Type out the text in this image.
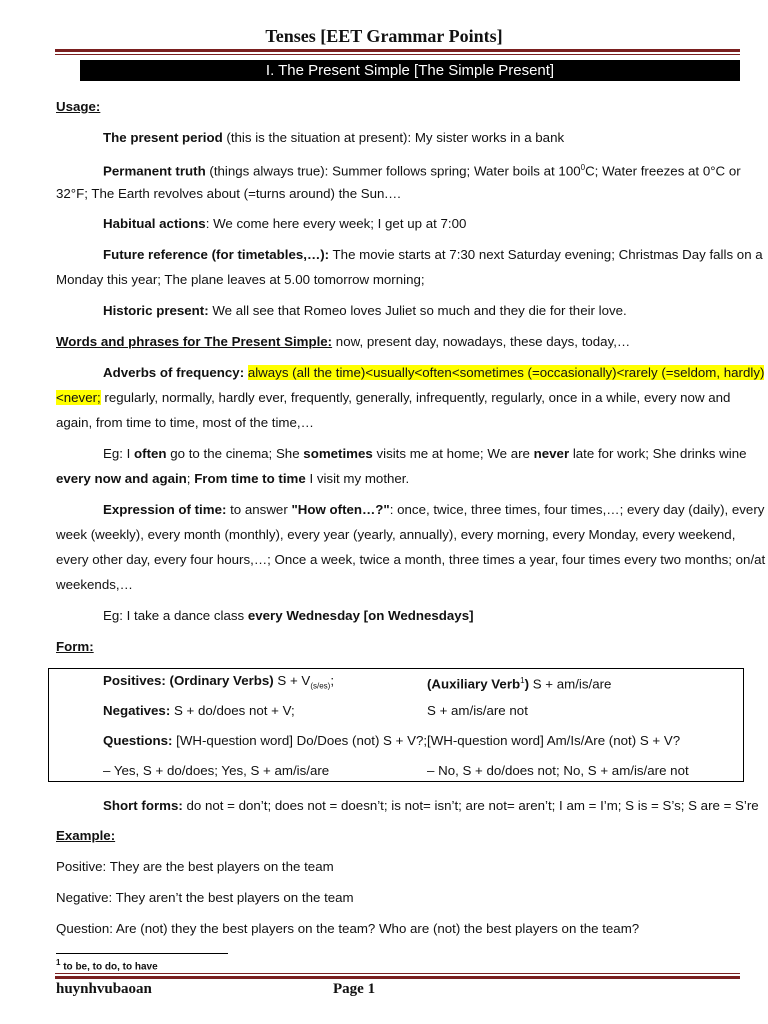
Tenses [EET Grammar Points]
I. The Present Simple [The Simple Present]
Usage:
The present period (this is the situation at present): My sister works in a bank
Permanent truth (things always true): Summer follows spring; Water boils at $100^0C$; Water freezes at 0°C or
32°F; The Earth revolves about (=turns around) the Sun.…
Habitual actions: We come here every week; I get up at 7:00
Future reference (for timetables,…): The movie starts at 7:30 next Saturday evening; Christmas Day falls on a
Monday this year; The plane leaves at 5.00 tomorrow morning;
Historic present: We all see that Romeo loves Juliet so much and they die for their love.
Words and phrases for The Present Simple: now, present day, nowadays, these days, today,…
Adverbs of frequency: always (all the time)<usually<often<sometimes (=occasionally)<rarely (=seldom, hardly)
<never; regularly, normally, hardly ever, frequently, generally, infrequently, regularly, once in a while, every now and
again, from time to time, most of the time,…
Eg: I often go to the cinema; She sometimes visits me at home; We are never late for work; She drinks wine
every now and again; From time to time I visit my mother.
Expression of time: to answer "How often…?": once, twice, three times, four times,…; every day (daily), every
week (weekly), every month (monthly), every year (yearly, annually), every morning, every Monday, every weekend,
every other day, every four hours,…; Once a week, twice a month, three times a year, four times every two months; on/at
weekends,…
Eg: I take a dance class every Wednesday [on Wednesdays]
Form:
Positives: (Ordinary Verbs) $S + V_{(s/es)}$;	(Auxiliary Verb$^1$) S + am/is/are
Negatives: S + do/does not + V;	S + am/is/are not
Questions: [WH-question word] Do/Does (not) S + V?; [WH-question word] Am/Is/Are (not) S + V?
– Yes, S + do/does; Yes, S + am/is/are	– No, S + do/does not; No, S + am/is/are not
Short forms: do not = don’t; does not = doesn’t; is not= isn’t; are not= aren’t; I am = I’m; S is = S’s; S are = S’re
Example:
Positive: They are the best players on the team
Negative: They aren’t the best players on the team
Question: Are (not) they the best players on the team? Who are (not) the best players on the team?
$^1$ to be, to do, to have
huynhvubaoan	Page 1
